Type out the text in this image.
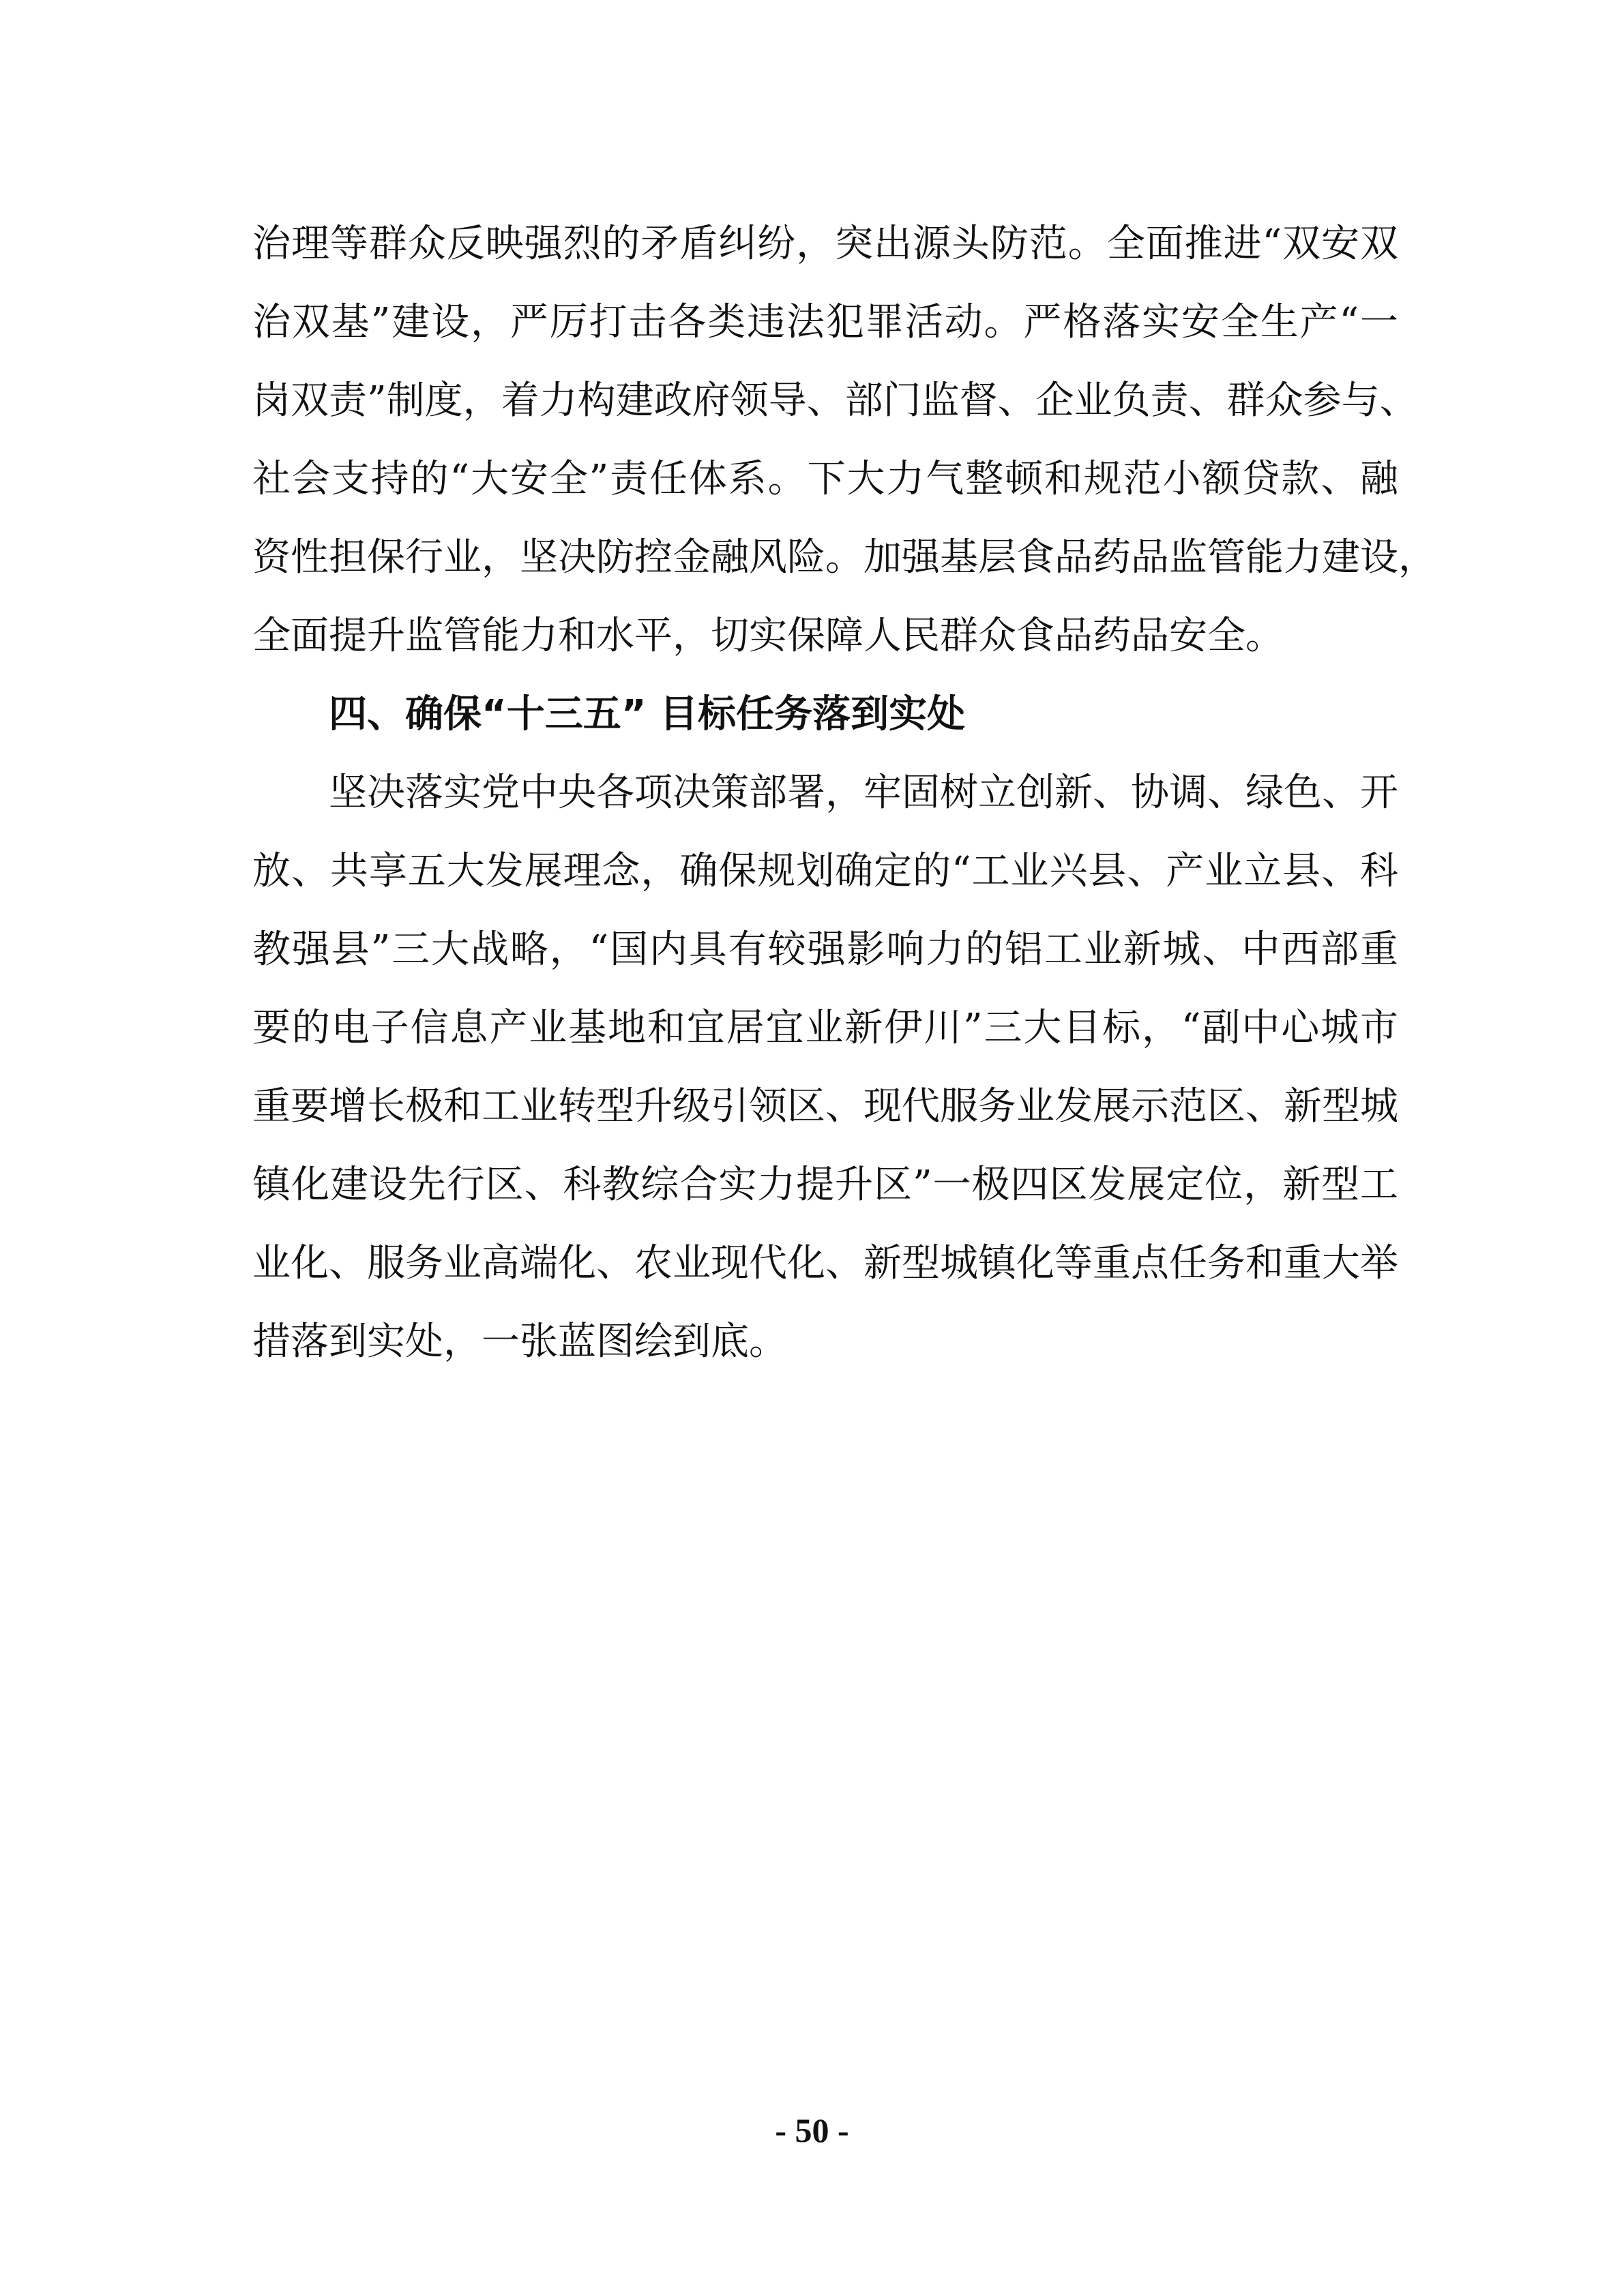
治理等群众反映强烈的矛盾纠纷，突出源头防范。全面推进“双安双
治双基”建设，严厉打击各类违法犯罪活动。严格落实安全生产“一
岗双责”制度，着力构建政府领导、部门监督、企业负责、群众参与、
社会支持的“大安全”责任体系。下大力气整顿和规范小额贷款、融
资性担保行业，坚决防控金融风险。加强基层食品药品监管能力建设，
全面提升监管能力和水平，切实保障人民群众食品药品安全。
四、确保“十三五” 目标任务落到实处
坚决落实党中央各项决策部署，牢固树立创新、协调、绿色、开
放、共享五大发展理念，确保规划确定的“工业兴县、产业立县、科
教强县”三大战略，“国内具有较强影响力的铝工业新城、中西部重
要的电子信息产业基地和宜居宜业新伊川”三大目标，“副中心城市
重要增长极和工业转型升级引领区、现代服务业发展示范区、新型城
镇化建设先行区、科教综合实力提升区”一极四区发展定位，新型工
业化、服务业高端化、农业现代化、新型城镇化等重点任务和重大举
措落到实处，一张蓝图绘到底。
- 50 -
